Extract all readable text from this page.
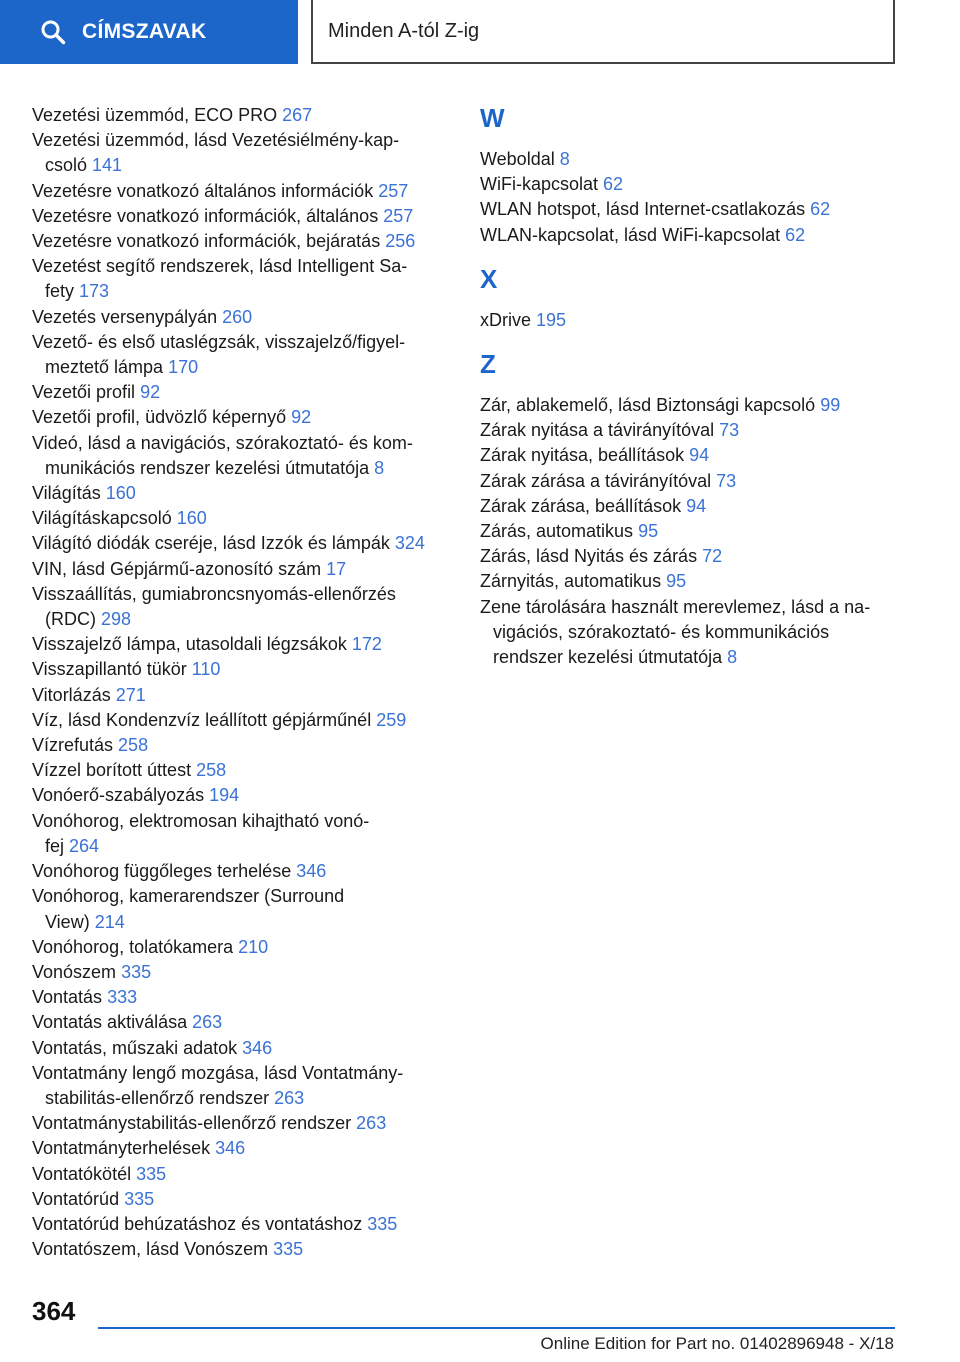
CÍMSZAVAK	Minden A-tól Z-ig
Vezetési üzemmód, ECO PRO 267
Vezetési üzemmód, lásd Vezetésiélmény-kap‐
csoló 141
Vezetésre vonatkozó általános információk 257
Vezetésre vonatkozó információk, általános 257
Vezetésre vonatkozó információk, bejáratás 256
Vezetést segítő rendszerek, lásd Intelligent Sa‐
fety 173
Vezetés versenypályán 260
Vezető- és első utaslégzsák, visszajelző/figyel‐
meztető lámpa 170
Vezetői profil 92
Vezetői profil, üdvözlő képernyő 92
Videó, lásd a navigációs, szórakoztató- és kom‐
munikációs rendszer kezelési útmutatója 8
Világítás 160
Világításkapcsoló 160
Világító diódák cseréje, lásd Izzók és lámpák 324
VIN, lásd Gépjármű-azonosító szám 17
Visszaállítás, gumiabroncsnyomás-ellenőrzés
(RDC) 298
Visszajelző lámpa, utasoldali légzsákok 172
Visszapillantó tükör 110
Vitorlázás 271
Víz, lásd Kondenzvíz leállított gépjárműnél 259
Vízrefutás 258
Vízzel borított úttest 258
Vonóerő-szabályozás 194
Vonóhorog, elektromosan kihajtható vonó‐
fej 264
Vonóhorog függőleges terhelése 346
Vonóhorog, kamerarendszer (Surround
View) 214
Vonóhorog, tolatókamera 210
Vonószem 335
Vontatás 333
Vontatás aktiválása 263
Vontatás, műszaki adatok 346
Vontatmány lengő mozgása, lásd Vontatmány‐
stabilitás-ellenőrző rendszer 263
Vontatmánystabilitás-ellenőrző rendszer 263
Vontatmányterhelések 346
Vontatókötél 335
Vontatórúd 335
Vontatórúd behúzatáshoz és vontatáshoz 335
Vontatószem, lásd Vonószem 335
W
Weboldal 8
WiFi-kapcsolat 62
WLAN hotspot, lásd Internet-csatlakozás 62
WLAN-kapcsolat, lásd WiFi-kapcsolat 62
X
xDrive 195
Z
Zár, ablakemelő, lásd Biztonsági kapcsoló 99
Zárak nyitása a távirányítóval 73
Zárak nyitása, beállítások 94
Zárak zárása a távirányítóval 73
Zárak zárása, beállítások 94
Zárás, automatikus 95
Zárás, lásd Nyitás és zárás 72
Zárnyitás, automatikus 95
Zene tárolására használt merevlemez, lásd a na‐
vigációs, szórakoztató- és kommunikációs
rendszer kezelési útmutatója 8
364
Online Edition for Part no. 01402896948 - X/18
